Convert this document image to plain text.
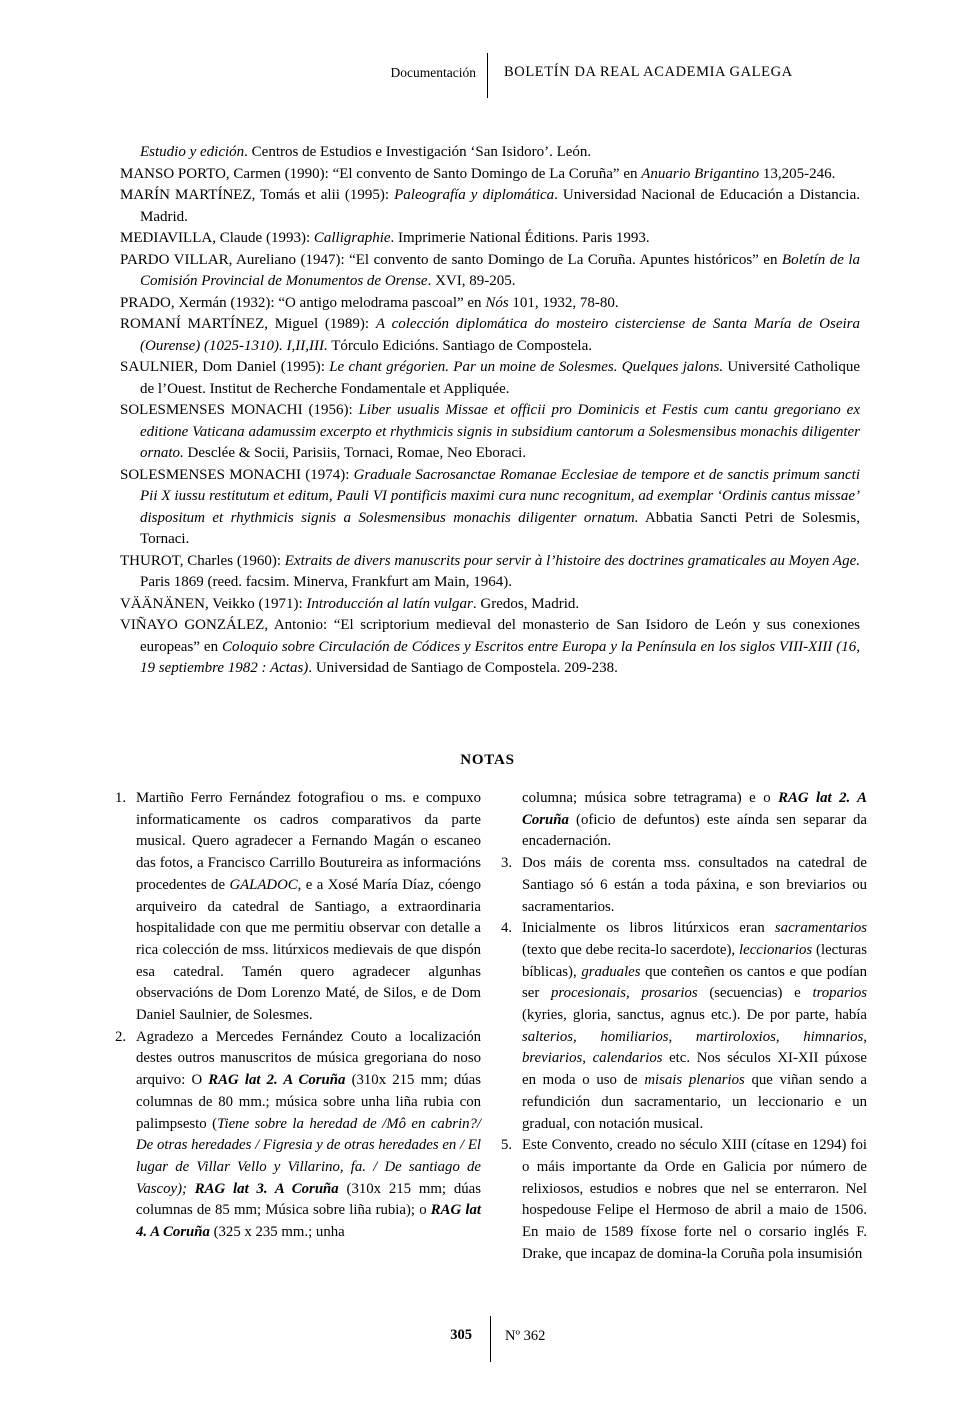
Documentación BOLETÍN DA REAL ACADEMIA GALEGA

Estudio y edición. Centros de Estudios e Investigación ‘San Isidoro’. León.

MANSO PORTO, Carmen (1990): “El convento de Santo Domingo de La Coruña” en Anuario Brigantino 13,205-246.

MARÍN MARTÍNEZ, Tomás et alii (1995): Paleografía y diplomática. Universidad Nacional de Educación a Distancia. Madrid.

MEDIAVILLA, Claude (1993): Calligraphie. Imprimerie National Éditions. Paris 1993.

PARDO VILLAR, Aureliano (1947): “El convento de santo Domingo de La Coruña. Apuntes históricos” en Boletín de la Comisión Provincial de Monumentos de Orense. XVI, 89-205.

PRADO, Xermán (1932): “O antigo melodrama pascoal” en Nós 101, 1932, 78-80.

ROMANÍ MARTÍNEZ, Miguel (1989): A colección diplomática do mosteiro cisterciense de Santa María de Oseira (Ourense) (1025-1310). I,II,III. Tórculo Edicións. Santiago de Compostela.

SAULNIER, Dom Daniel (1995): Le chant grégorien. Par un moine de Solesmes. Quelques jalons. Université Catholique de l’Ouest. Institut de Recherche Fondamentale et Appliquée.

SOLESMENSES MONACHI (1956): Liber usualis Missae et officii pro Dominicis et Festis cum cantu gregoriano ex editione Vaticana adamussim excerpto et rhythmicis signis in subsidium cantorum a Solesmensibus monachis diligenter ornato. Desclée & Socii, Parisiis, Tornaci, Romae, Neo Eboraci.

SOLESMENSES MONACHI (1974): Graduale Sacrosanctae Romanae Ecclesiae de tempore et de sanctis primum sancti Pii X iussu restitutum et editum, Pauli VI pontificis maximi cura nunc recognitum, ad exemplar ‘Ordinis cantus missae’ dispositum et rhythmicis signis a Solesmensibus monachis diligenter ornatum. Abbatia Sancti Petri de Solesmis, Tornaci.

THUROT, Charles (1960): Extraits de divers manuscrits pour servir à l’histoire des doctrines gramaticales au Moyen Age. Paris 1869 (reed. facsim. Minerva, Frankfurt am Main, 1964).

VÄÄNÄNEN, Veikko (1971): Introducción al latín vulgar. Gredos, Madrid.

VIÑAYO GONZÁLEZ, Antonio: “El scriptorium medieval del monasterio de San Isidoro de León y sus conexiones europeas” en Coloquio sobre Circulación de Códices y Escritos entre Europa y la Península en los siglos VIII-XIII (16, 19 septiembre 1982 : Actas). Universidad de Santiago de Compostela. 209-238.

NOTAS
1. Martiño Ferro Fernández fotografiou o ms. e compuxo informaticamente os cadros comparativos da parte musical. Quero agradecer a Fernando Magán o escaneo das fotos, a Francisco Carrillo Boutureira as informacións procedentes de GALADOC, e a Xosé María Díaz, cóengo arquiveiro da catedral de Santiago, a extraordinaria hospitalidade con que me permitiu observar con detalle a rica colección de mss. litúrxicos medievais de que dispón esa catedral. Tamén quero agradecer algunhas observacións de Dom Lorenzo Maté, de Silos, e de Dom Daniel Saulnier, de Solesmes.
2. Agradezo a Mercedes Fernández Couto a localización destes outros manuscritos de música gregoriana do noso arquivo: O RAG lat 2. A Coruña (310x 215 mm; dúas columnas de 80 mm.; música sobre unha liña rubia con palimpsesto (Tiene sobre la heredad de /Mô en cabrin?/ De otras heredades / Figresia y de otras heredades en / El lugar de Villar Vello y Villarino, fa. / De santiago de Vascoy); RAG lat 3. A Coruña (310x 215 mm; dúas columnas de 85 mm; Música sobre liña rubia); o RAG lat 4. A Coruña (325 x 235 mm.; unha
columna; música sobre tetragrama) e o RAG lat 2. A Coruña (oficio de defuntos) este aínda sen separar da encadernación.
3. Dos máis de corenta mss. consultados na catedral de Santiago só 6 están a toda páxina, e son breviarios ou sacramentarios.
4. Inicialmente os libros litúrxicos eran sacramentarios (texto que debe recita-lo sacerdote), leccionarios (lecturas bíblicas), graduales que conteñen os cantos e que podían ser procesionais, prosarios (secuencias) e troparios (kyries, gloria, sanctus, agnus etc.). De por parte, había salterios, homiliarios, martiroloxios, himnarios, breviarios, calendarios etc. Nos séculos XI-XII púxose en moda o uso de misais plenarios que viñan sendo a refundición dun sacramentario, un leccionario e un gradual, con notación musical.
5. Este Convento, creado no século XIII (cítase en 1294) foi o máis importante da Orde en Galicia por número de relixiosos, estudios e nobres que nel se enterraron. Nel hospedouse Felipe el Hermoso de abril a maio de 1506. En maio de 1589 fíxose forte nel o corsario inglés F. Drake, que incapaz de domina-la Coruña pola insumisión
305 Nº 362
